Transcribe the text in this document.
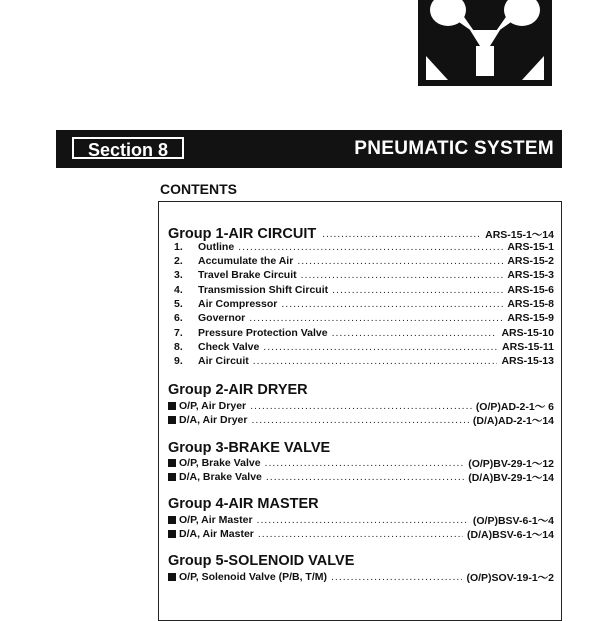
Section 8	PNEUMATIC SYSTEM
CONTENTS
Group 1-AIR CIRCUIT .....	ARS-15-1～14
1.	Outline .....	ARS-15-1
2.	Accumulate the Air .....	ARS-15-2
3.	Travel Brake Circuit .....	ARS-15-3
4.	Transmission Shift Circuit .....	ARS-15-6
5.	Air Compressor .....	ARS-15-8
6.	Governor .....	ARS-15-9
7.	Pressure Protection Valve .....	ARS-15-10
8.	Check Valve .....	ARS-15-11
9.	Air Circuit .....	ARS-15-13
Group 2-AIR DRYER
O/P, Air Dryer .....	(O/P)AD-2-1～ 6
D/A, Air Dryer .....	(D/A)AD-2-1～14
Group 3-BRAKE VALVE
O/P, Brake Valve .....	(O/P)BV-29-1～12
D/A, Brake Valve .....	(D/A)BV-29-1～14
Group 4-AIR MASTER
O/P, Air Master .....	(O/P)BSV-6-1～4
D/A, Air Master .....	(D/A)BSV-6-1～14
Group 5-SOLENOID VALVE
O/P, Solenoid Valve (P/B, T/M) .....	(O/P)SOV-19-1～2
